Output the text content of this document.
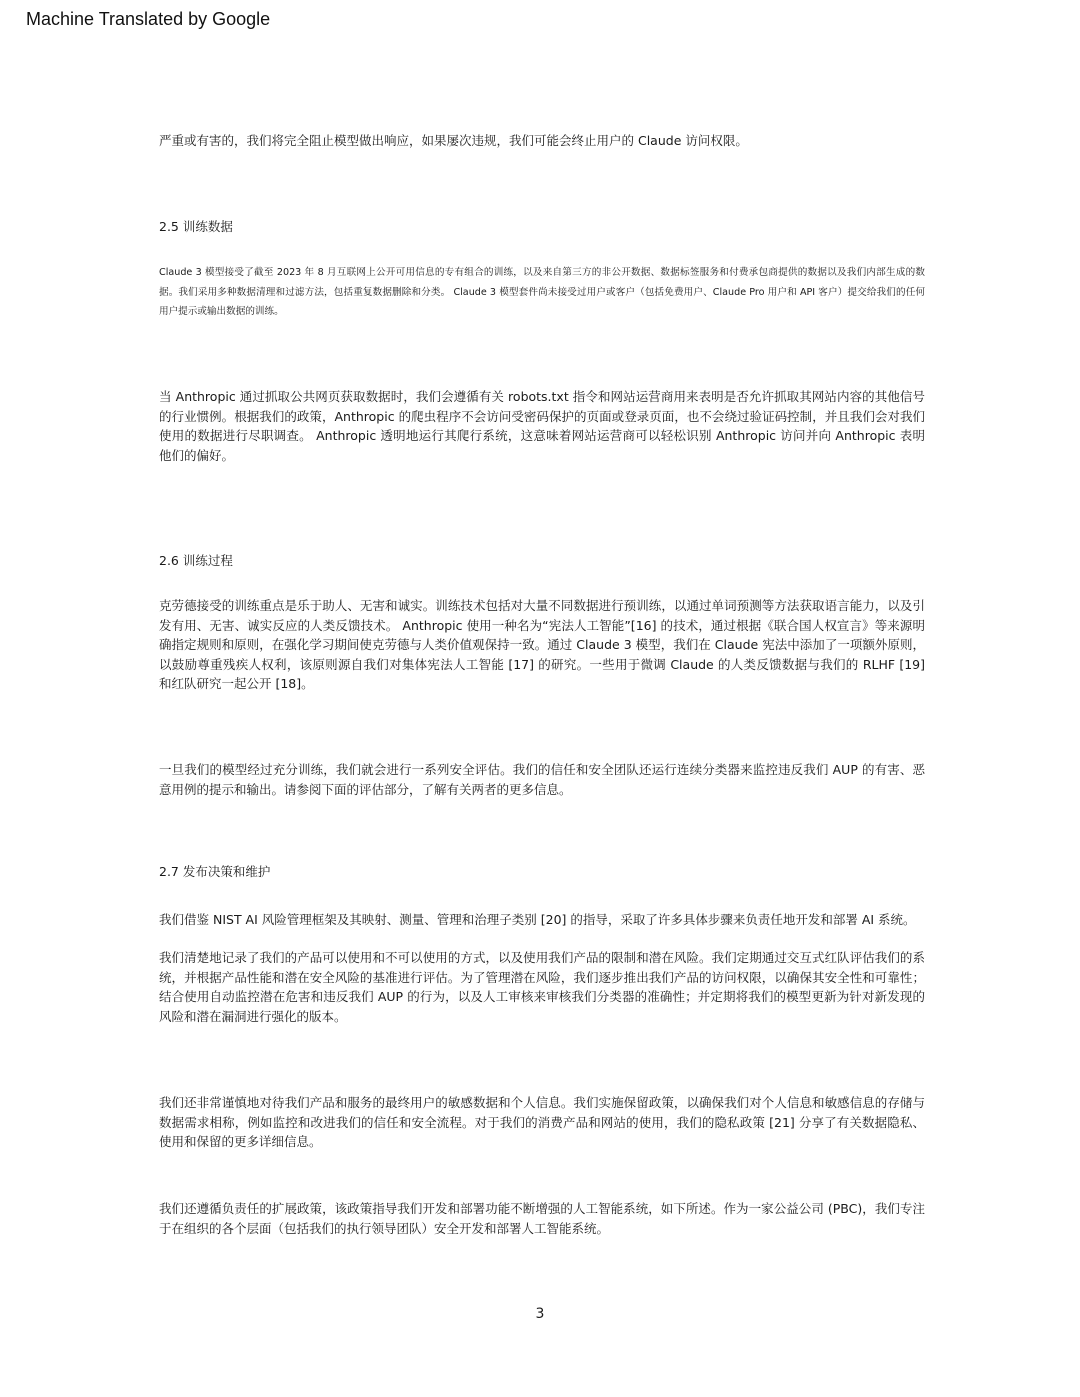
Machine Translated by Google

严重或有害的，我们将完全阻止模型做出响应，如果屡次违规，我们可能会终止用户的 Claude 访问权限。

2.5 训练数据

Claude 3 模型接受了截至 2023 年 8 月互联网上公开可用信息的专有组合的训练，以及来自第三方的非公开数据、数据标签服务和付费承包商提供的数据以及我们内部生成的数据。我们采用多种数据清理和过滤方法，包括重复数据删除和分类。 Claude 3 模型套件尚未接受过用户或客户（包括免费用户、Claude Pro 用户和 API 客户）提交给我们的任何用户提示或输出数据的训练。

当 Anthropic 通过抓取公共网页获取数据时，我们会遵循有关 robots.txt 指令和网站运营商用来表明是否允许抓取其网站内容的其他信号的行业惯例。根据我们的政策，Anthropic 的爬虫程序不会访问受密码保护的页面或登录页面，也不会绕过验证码控制，并且我们会对我们使用的数据进行尽职调查。 Anthropic 透明地运行其爬行系统，这意味着网站运营商可以轻松识别 Anthropic 访问并向 Anthropic 表明他们的偏好。

2.6 训练过程

克劳德接受的训练重点是乐于助人、无害和诚实。训练技术包括对大量不同数据进行预训练，以通过单词预测等方法获取语言能力，以及引发有用、无害、诚实反应的人类反馈技术。 Anthropic 使用一种名为“宪法人工智能”[16] 的技术，通过根据《联合国人权宣言》等来源明确指定规则和原则，在强化学习期间使克劳德与人类价值观保持一致。通过 Claude 3 模型，我们在 Claude 宪法中添加了一项额外原则，以鼓励尊重残疾人权利，该原则源自我们对集体宪法人工智能 [17] 的研究。一些用于微调 Claude 的人类反馈数据与我们的 RLHF [19] 和红队研究一起公开 [18]。

一旦我们的模型经过充分训练，我们就会进行一系列安全评估。我们的信任和安全团队还运行连续分类器来监控违反我们 AUP 的有害、恶意用例的提示和输出。请参阅下面的评估部分，了解有关两者的更多信息。

2.7 发布决策和维护

我们借鉴 NIST AI 风险管理框架及其映射、测量、管理和治理子类别 [20] 的指导，采取了许多具体步骤来负责任地开发和部署 AI 系统。

我们清楚地记录了我们的产品可以使用和不可以使用的方式，以及使用我们产品的限制和潜在风险。我们定期通过交互式红队评估我们的系统，并根据产品性能和潜在安全风险的基准进行评估。为了管理潜在风险，我们逐步推出我们产品的访问权限，以确保其安全性和可靠性；结合使用自动监控潜在危害和违反我们 AUP 的行为，以及人工审核来审核我们分类器的准确性；并定期将我们的模型更新为针对新发现的风险和潜在漏洞进行强化的版本。

我们还非常谨慎地对待我们产品和服务的最终用户的敏感数据和个人信息。我们实施保留政策，以确保我们对个人信息和敏感信息的存储与数据需求相称，例如监控和改进我们的信任和安全流程。对于我们的消费产品和网站的使用，我们的隐私政策 [21] 分享了有关数据隐私、使用和保留的更多详细信息。

我们还遵循负责任的扩展政策，该政策指导我们开发和部署功能不断增强的人工智能系统，如下所述。作为一家公益公司 (PBC)，我们专注于在组织的各个层面（包括我们的执行领导团队）安全开发和部署人工智能系统。

3
